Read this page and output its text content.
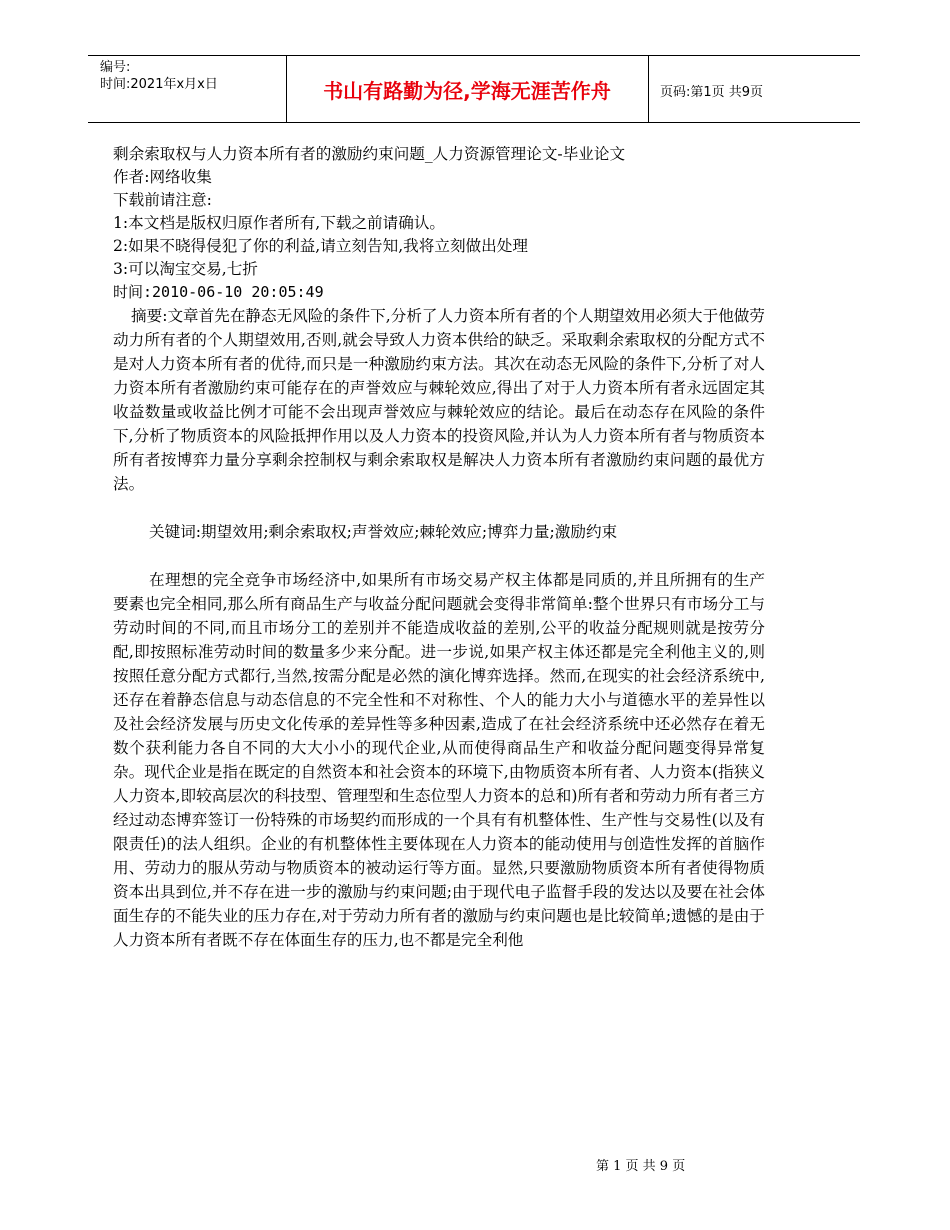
编号:
时间:2021年x月x日	书山有路勤为径,学海无涯苦作舟	页码:第1页 共9页
剩余索取权与人力资本所有者的激励约束问题_人力资源管理论文-毕业论文
作者:网络收集
下载前请注意:
1:本文档是版权归原作者所有,下载之前请确认。
2:如果不晓得侵犯了你的利益,请立刻告知,我将立刻做出处理
3:可以淘宝交易,七折
时间:2010-06-10 20:05:49

摘要:文章首先在静态无风险的条件下,分析了人力资本所有者的个人期望效用必须大于他做劳动力所有者的个人期望效用,否则,就会导致人力资本供给的缺乏。采取剩余索取权的分配方式不是对人力资本所有者的优待,而只是一种激励约束方法。其次在动态无风险的条件下,分析了对人力资本所有者激励约束可能存在的声誉效应与棘轮效应,得出了对于人力资本所有者永远固定其收益数量或收益比例才可能不会出现声誉效应与棘轮效应的结论。最后在动态存在风险的条件下,分析了物质资本的风险抵押作用以及人力资本的投资风险,并认为人力资本所有者与物质资本所有者按博弈力量分享剩余控制权与剩余索取权是解决人力资本所有者激励约束问题的最优方法。

关键词:期望效用;剩余索取权;声誉效应;棘轮效应;博弈力量;激励约束

在理想的完全竞争市场经济中,如果所有市场交易产权主体都是同质的,并且所拥有的生产要素也完全相同,那么所有商品生产与收益分配问题就会变得非常简单:整个世界只有市场分工与劳动时间的不同,而且市场分工的差别并不能造成收益的差别,公平的收益分配规则就是按劳分配,即按照标准劳动时间的数量多少来分配。进一步说,如果产权主体还都是完全利他主义的,则按照任意分配方式都行,当然,按需分配是必然的演化博弈选择。然而,在现实的社会经济系统中,还存在着静态信息与动态信息的不完全性和不对称性、个人的能力大小与道德水平的差异性以及社会经济发展与历史文化传承的差异性等多种因素,造成了在社会经济系统中还必然存在着无数个获利能力各自不同的大大小小的现代企业,从而使得商品生产和收益分配问题变得异常复杂。现代企业是指在既定的自然资本和社会资本的环境下,由物质资本所有者、人力资本(指狭义人力资本,即较高层次的科技型、管理型和生态位型人力资本的总和)所有者和劳动力所有者三方经过动态博弈签订一份特殊的市场契约而形成的一个具有有机整体性、生产性与交易性(以及有限责任)的法人组织。企业的有机整体性主要体现在人力资本的能动使用与创造性发挥的首脑作用、劳动力的服从劳动与物质资本的被动运行等方面。显然,只要激励物质资本所有者使得物质资本出具到位,并不存在进一步的激励与约束问题;由于现代电子监督手段的发达以及要在社会体面生存的不能失业的压力存在,对于劳动力所有者的激励与约束问题也是比较简单;遗憾的是由于人力资本所有者既不存在体面生存的压力,也不都是完全利他

第 1 页 共 9 页
